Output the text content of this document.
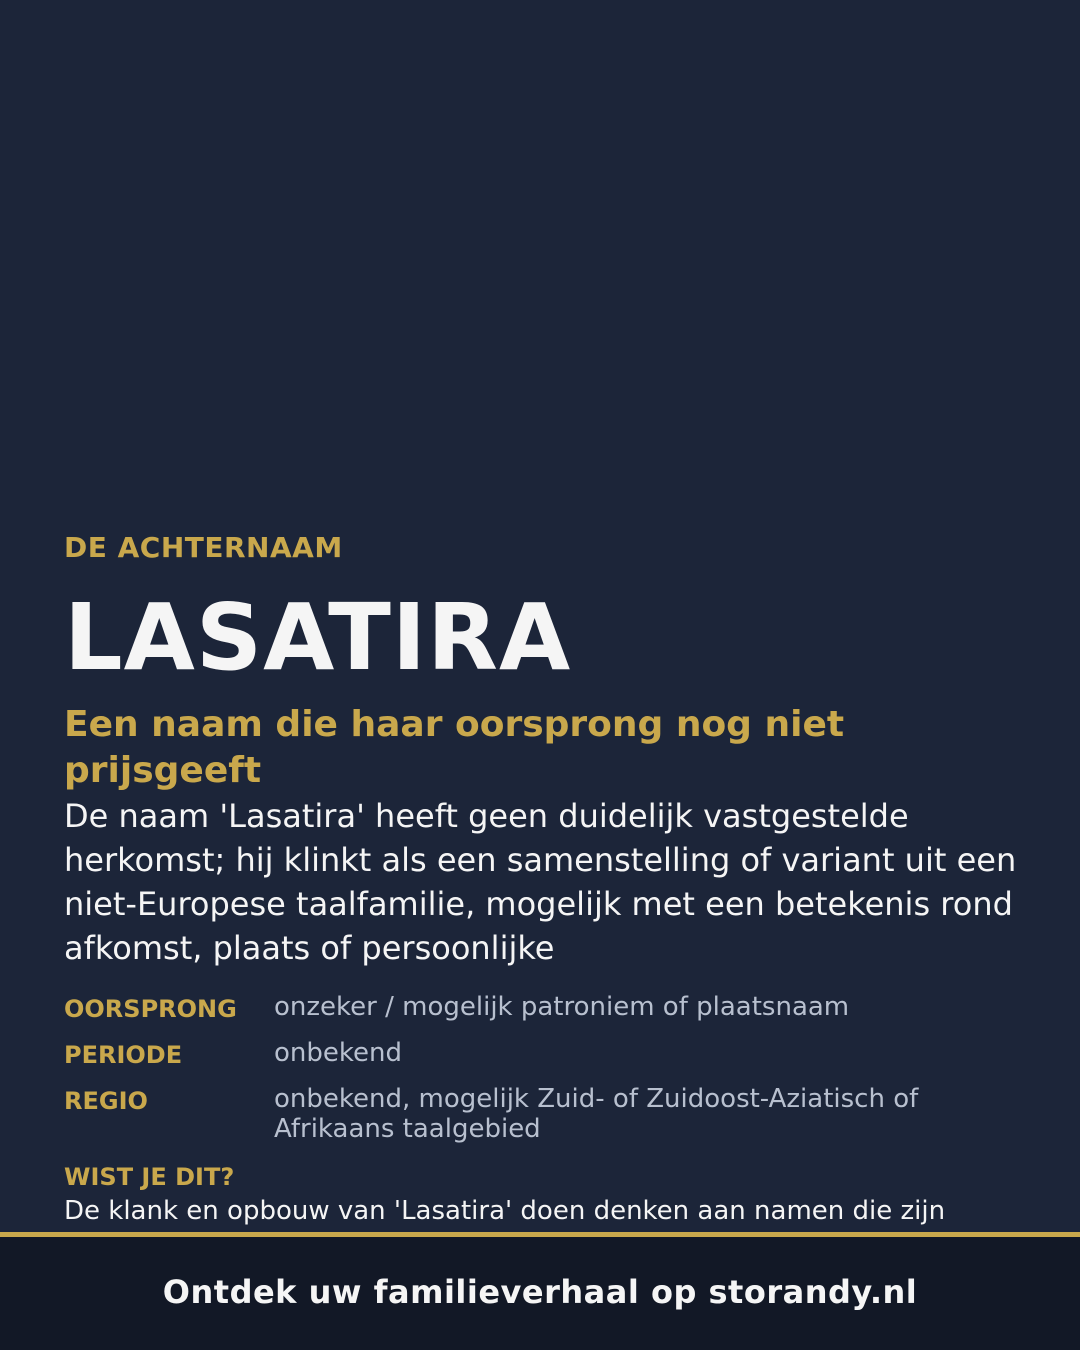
DE ACHTERNAAM

LASATIRA
Een naam die haar oorsprong nog niet prijsgeeft

De naam 'Lasatira' heeft geen duidelijk vastgestelde herkomst; hij klinkt als een samenstelling of variant uit een niet-Europese taalfamilie, mogelijk met een betekenis rond afkomst, plaats of persoonlijke

OORSPRONG	onzeker / mogelijk patroniem of plaatsnaam
PERIODE	onbekend
REGIO	onbekend, mogelijk Zuid- of Zuidoost-Aziatisch of Afrikaans taalgebied
WIST JE DIT?
De klank en opbouw van 'Lasatira' doen denken aan namen die zijn
Ontdek uw familieverhaal op storandy.nl
